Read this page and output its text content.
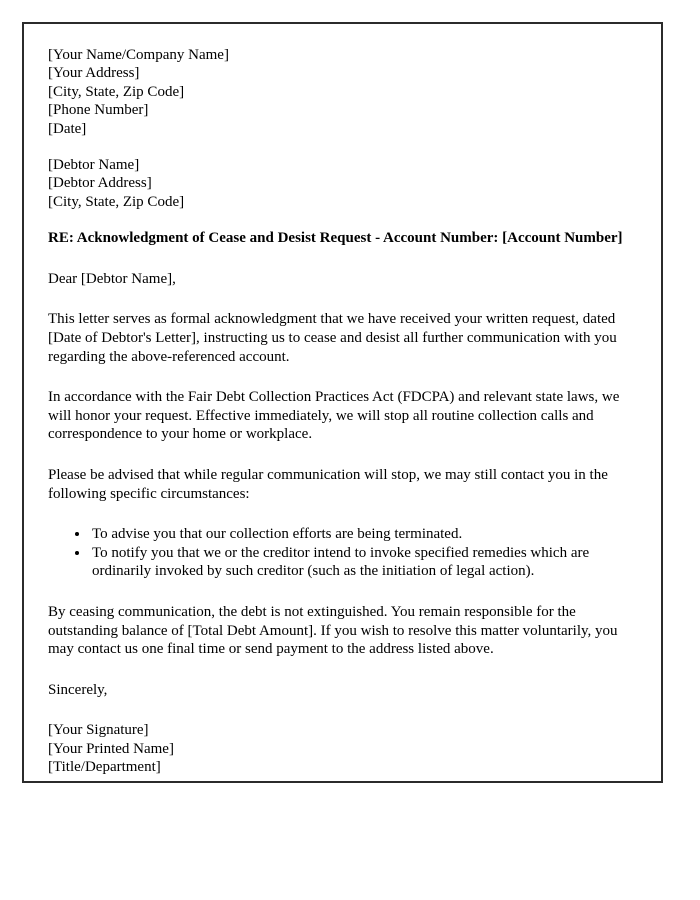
[Your Name/Company Name]
[Your Address]
[City, State, Zip Code]
[Phone Number]
[Date]
[Debtor Name]
[Debtor Address]
[City, State, Zip Code]

RE: Acknowledgment of Cease and Desist Request - Account Number: [Account Number]

Dear [Debtor Name],

This letter serves as formal acknowledgment that we have received your written request, dated [Date of Debtor's Letter], instructing us to cease and desist all further communication with you regarding the above-referenced account.

In accordance with the Fair Debt Collection Practices Act (FDCPA) and relevant state laws, we will honor your request. Effective immediately, we will stop all routine collection calls and correspondence to your home or workplace.

Please be advised that while regular communication will stop, we may still contact you in the following specific circumstances:

• To advise you that our collection efforts are being terminated.
• To notify you that we or the creditor intend to invoke specified remedies which are ordinarily invoked by such creditor (such as the initiation of legal action).

By ceasing communication, the debt is not extinguished. You remain responsible for the outstanding balance of [Total Debt Amount]. If you wish to resolve this matter voluntarily, you may contact us one final time or send payment to the address listed above.

Sincerely,

[Your Signature]
[Your Printed Name]
[Title/Department]
